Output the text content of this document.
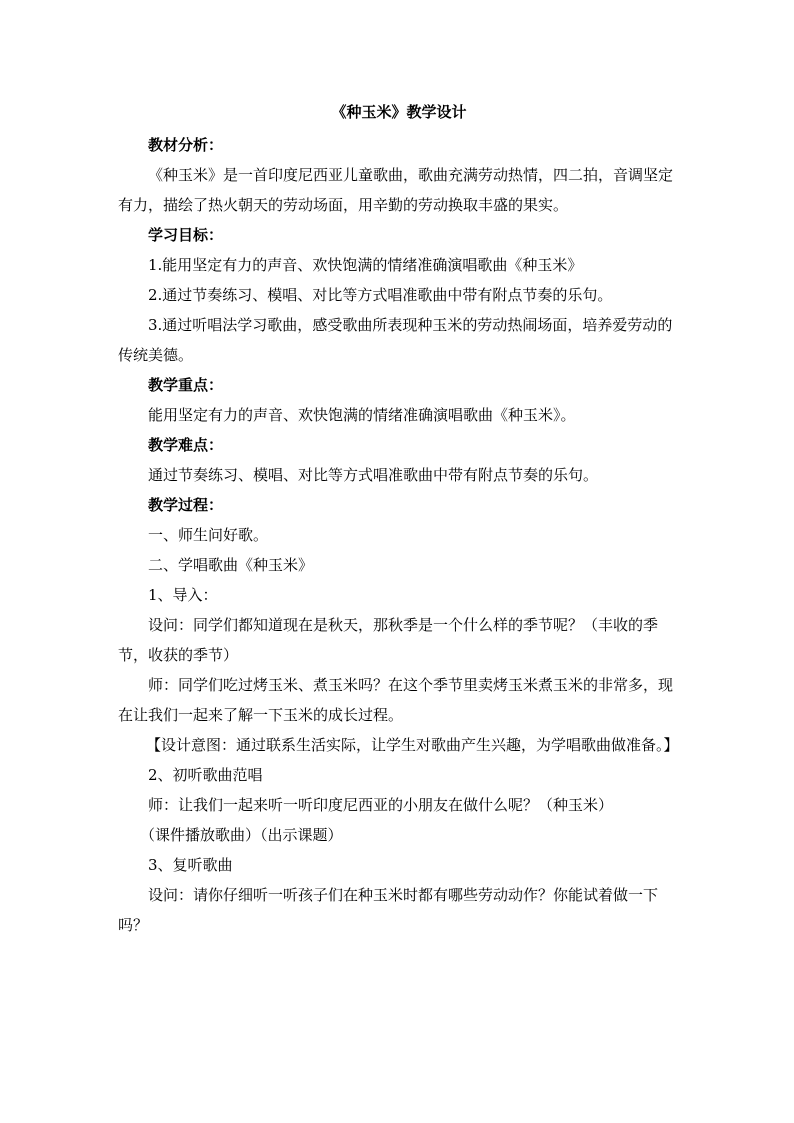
《种玉米》教学设计

教材分析：

《种玉米》是一首印度尼西亚儿童歌曲，歌曲充满劳动热情，四二拍，音调坚定有力，描绘了热火朝天的劳动场面，用辛勤的劳动换取丰盛的果实。

学习目标：

1.能用坚定有力的声音、欢快饱满的情绪准确演唱歌曲《种玉米》

2.通过节奏练习、模唱、对比等方式唱准歌曲中带有附点节奏的乐句。

3.通过听唱法学习歌曲，感受歌曲所表现种玉米的劳动热闹场面，培养爱劳动的传统美德。

教学重点：

能用坚定有力的声音、欢快饱满的情绪准确演唱歌曲《种玉米》。

教学难点：

通过节奏练习、模唱、对比等方式唱准歌曲中带有附点节奏的乐句。

教学过程：

一、师生问好歌。

二、学唱歌曲《种玉米》

1、导入：

设问：同学们都知道现在是秋天，那秋季是一个什么样的季节呢？（丰收的季节，收获的季节）

师：同学们吃过烤玉米、煮玉米吗？在这个季节里卖烤玉米煮玉米的非常多，现在让我们一起来了解一下玉米的成长过程。

【设计意图：通过联系生活实际，让学生对歌曲产生兴趣，为学唱歌曲做准备。】

2、初听歌曲范唱

师：让我们一起来听一听印度尼西亚的小朋友在做什么呢？（种玉米）

（课件播放歌曲）（出示课题）

3、复听歌曲

设问：请你仔细听一听孩子们在种玉米时都有哪些劳动动作？你能试着做一下吗？
